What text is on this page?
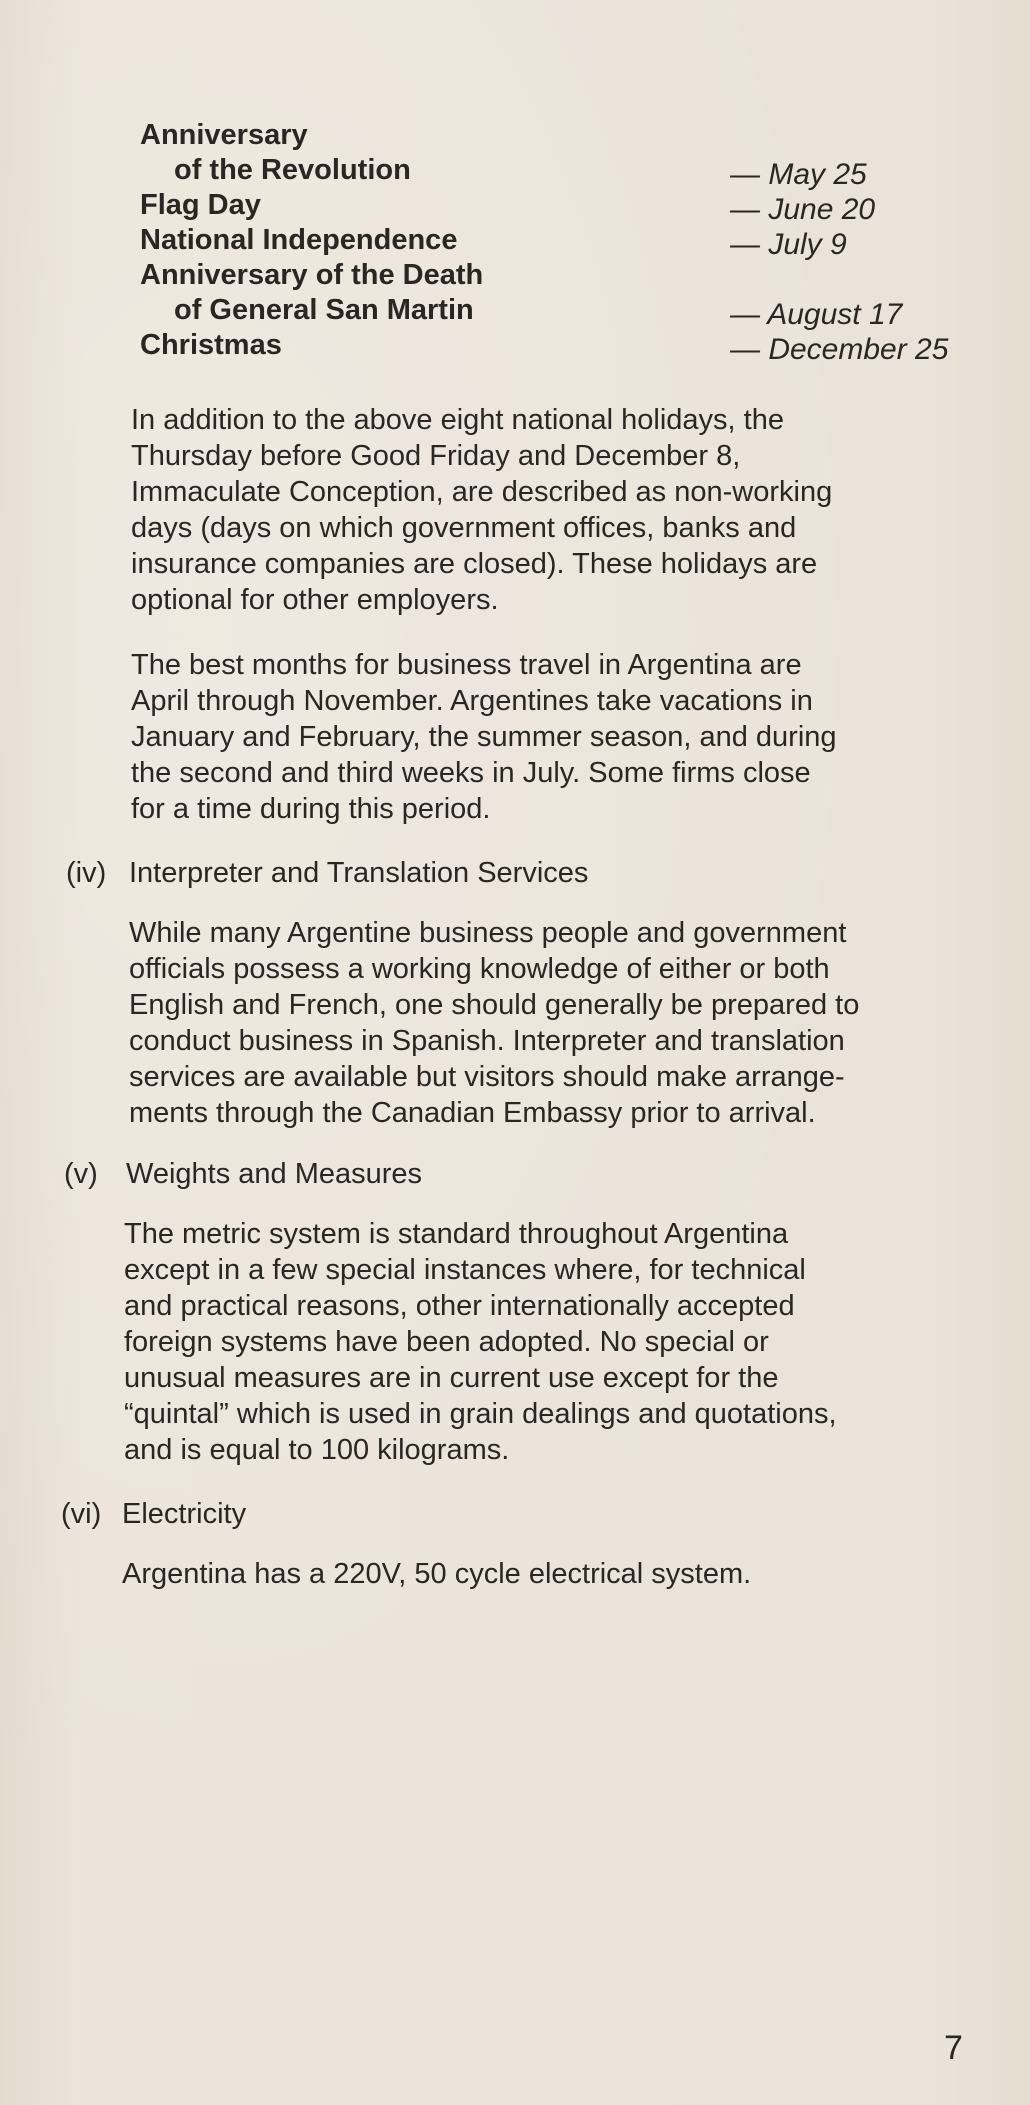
Anniversary
of the Revolution	— May 25
Flag Day	— June 20
National Independence	— July 9
Anniversary of the Death
of General San Martin	— August 17
Christmas	— December 25
In addition to the above eight national holidays, the
Thursday before Good Friday and December 8,
Immaculate Conception, are described as non-working
days (days on which government offices, banks and
insurance companies are closed). These holidays are
optional for other employers.
The best months for business travel in Argentina are
April through November. Argentines take vacations in
January and February, the summer season, and during
the second and third weeks in July. Some firms close
for a time during this period.
(iv) Interpreter and Translation Services
While many Argentine business people and government
officials possess a working knowledge of either or both
English and French, one should generally be prepared to
conduct business in Spanish. Interpreter and translation
services are available but visitors should make arrange-
ments through the Canadian Embassy prior to arrival.
(v) Weights and Measures
The metric system is standard throughout Argentina
except in a few special instances where, for technical
and practical reasons, other internationally accepted
foreign systems have been adopted. No special or
unusual measures are in current use except for the
“quintal” which is used in grain dealings and quotations,
and is equal to 100 kilograms.
(vi) Electricity
Argentina has a 220V, 50 cycle electrical system.
7
